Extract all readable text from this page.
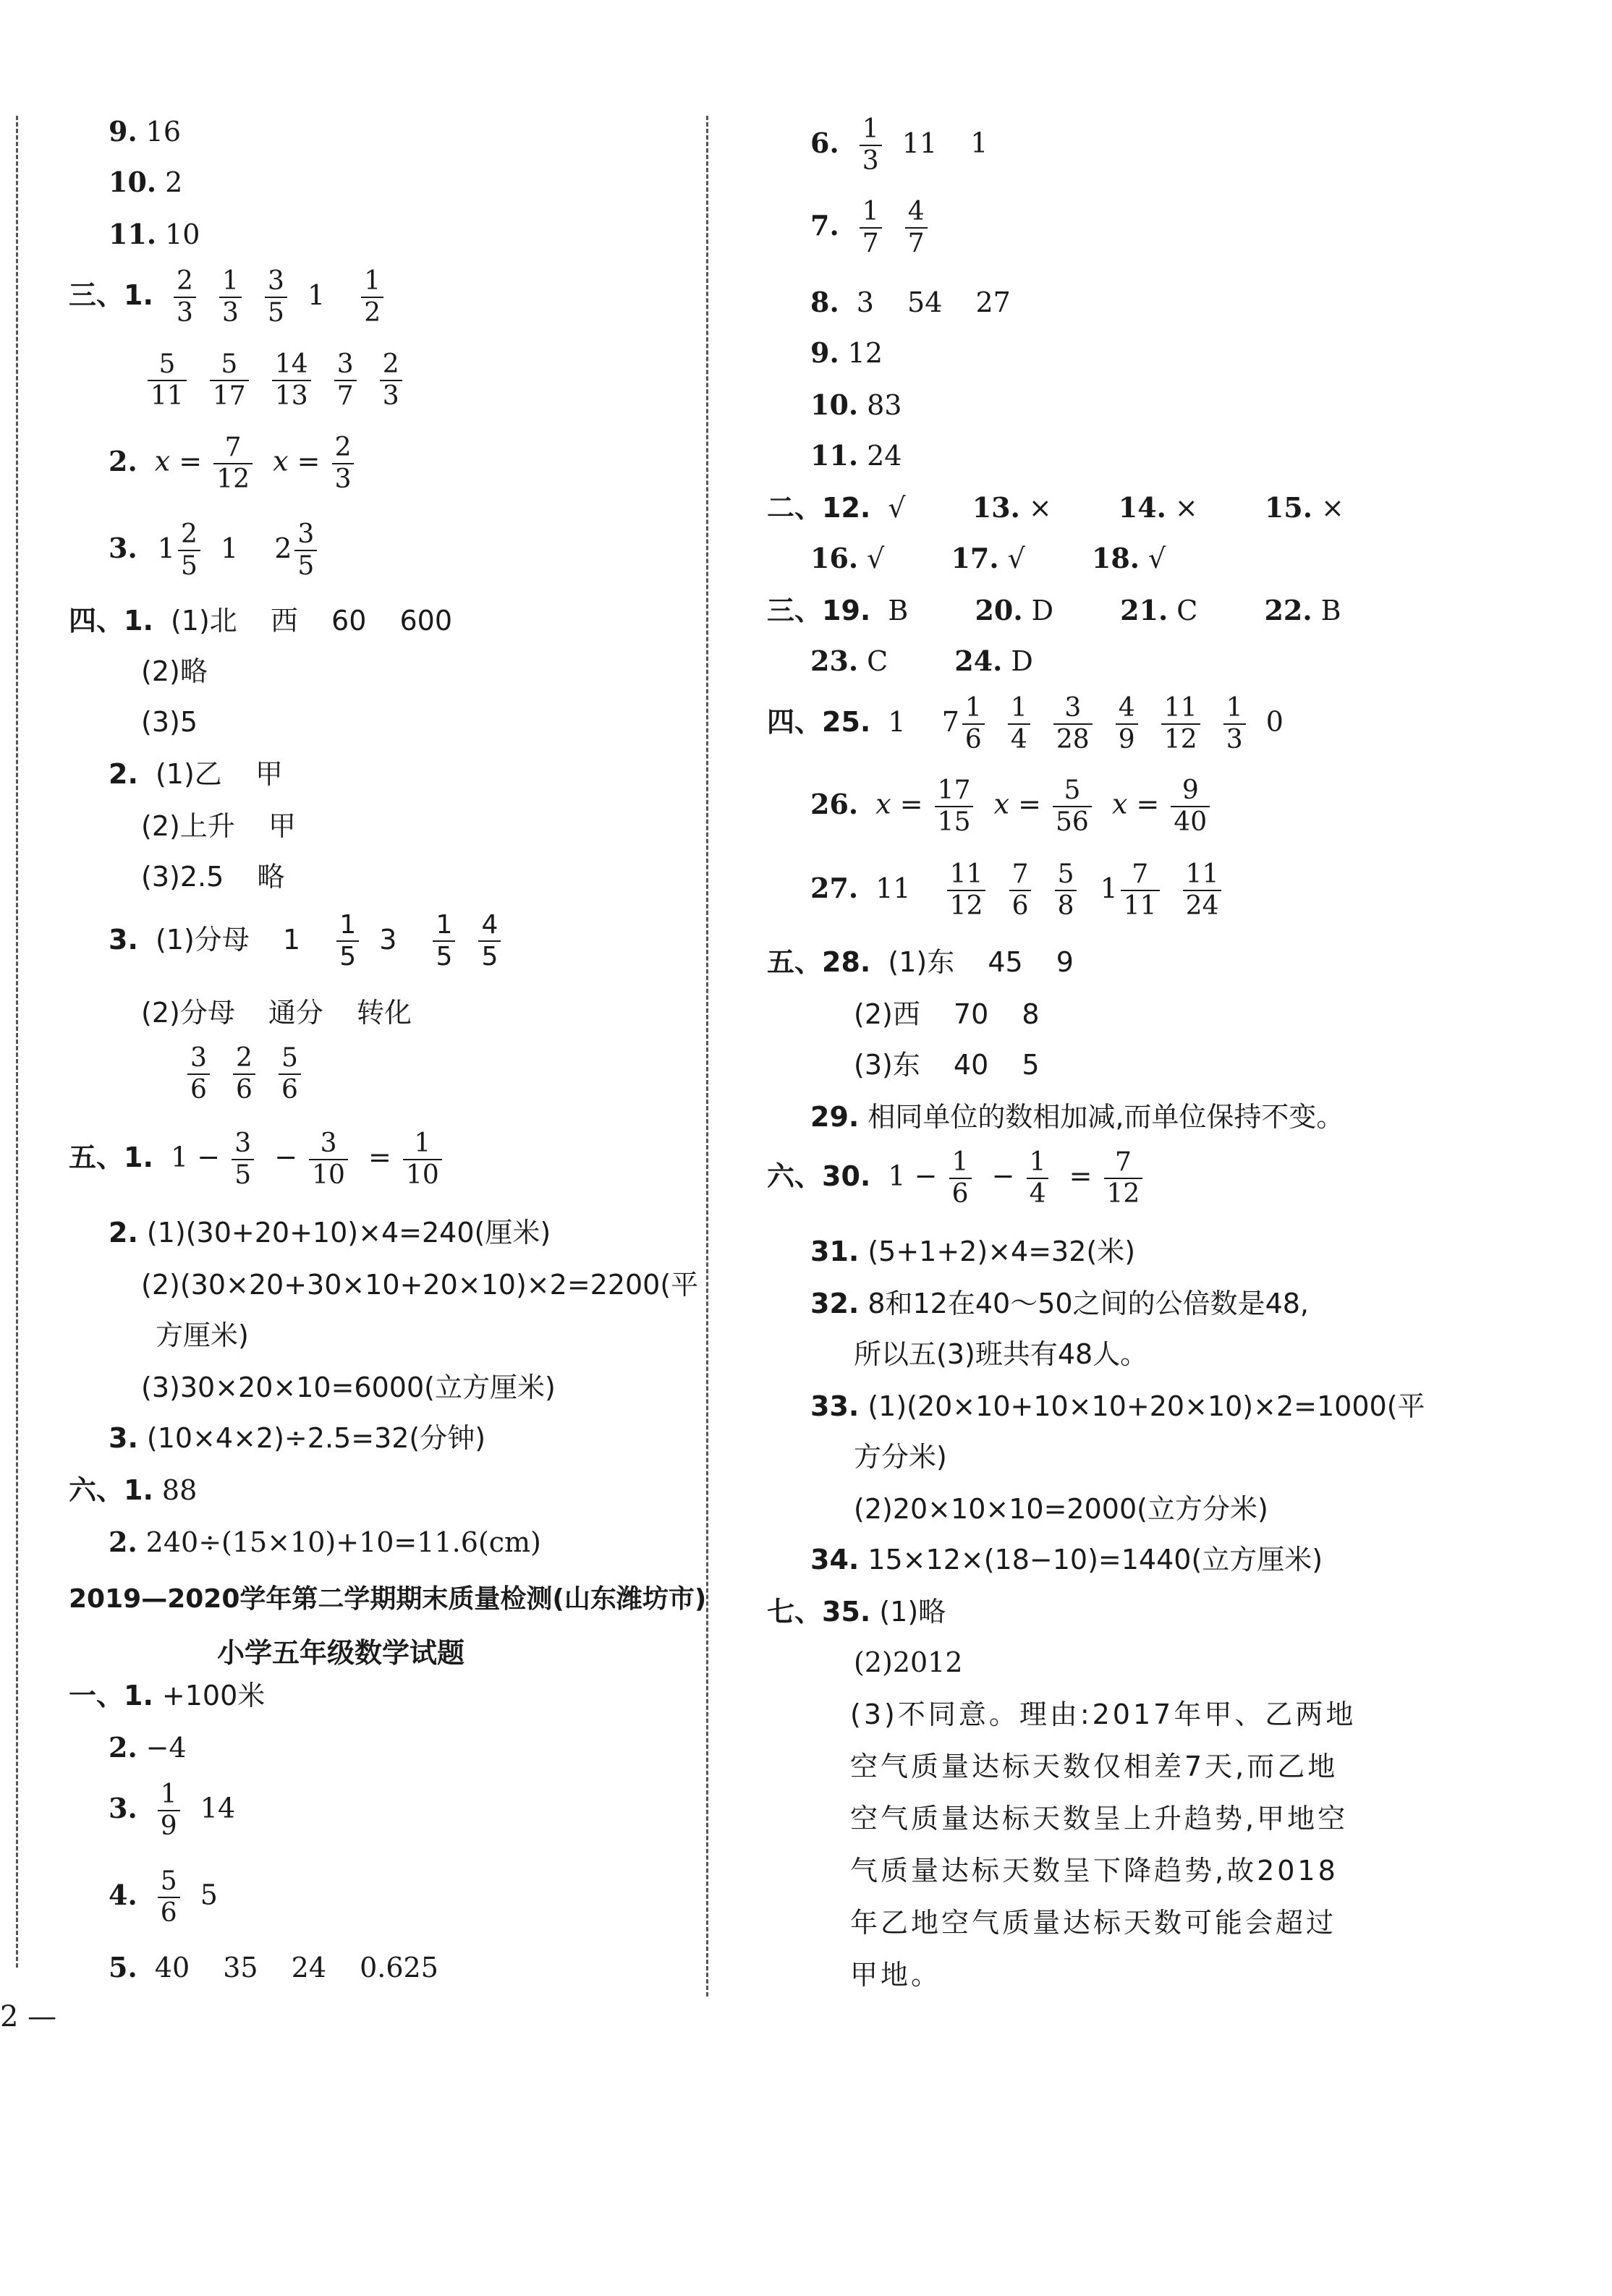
9. 16
10. 2
11. 10
三、1. $\frac{2}{3}$
$\frac{1}{3}$
$\frac{3}{5} 1 \frac{1}{2}$
$\frac{5}{11}$
$\frac{5}{17}$
$\frac{14}{13}$
$\frac{3}{7}$
$\frac{2}{3}$
2. $x = \frac{7}{12}$ $x = \frac{2}{3}$
3. $1 \frac{2}{5} 1$ $2 \frac{3}{5}$
四、1. (1)北 西 60 600
(2)略
(3)5
2. (1)乙 甲
(2)上升 甲
(3)2.5 略
3. (1)分母 $1 \frac{1}{5} 3 \frac{1}{5}$
$\frac{4}{5}$
(2)分母 通分 转化
$\frac{3}{6}$
$\frac{2}{6}$
$\frac{5}{6}$
五、1. $1 - \frac{3}{5} - \frac{3}{10} = \frac{1}{10}$
2. (1)(30+20+10)×4=240(厘米)
(2)(30×20+30×10+20×10)×2=2200(平
方厘米)
(3)30×20×10=6000(立方厘米)
3. (10×4×2)÷2.5=32(分钟)
六、1. 88
2. 240÷(15×10)+10=11.6(cm)
2019—2020学年第二学期期末质量检测(山东潍坊市)
小学五年级数学试题
一、1. +100米
2. −4
3. $\frac{1}{9} 14$
4. $\frac{5}{6} 5$
5. 40 35 24 0.625
2 —
6. $\frac{1}{3} 11$ 1
7. $\frac{1}{7}$
$\frac{4}{7}$
8. 3 54 27
9. 12
10. 83
11. 24
二、12. √ 13. × 14. × 15. ×
16. √ 17. √ 18. √
三、19. B 20. D 21. C 22. B
23. C 24. D
四、25. 1 $7 \frac{1}{6}$
$\frac{1}{4}$
$\frac{3}{28}$
$\frac{4}{9}$
$\frac{11}{12}$
$\frac{1}{3} 0$
26. $x = \frac{17}{15}$ $x = \frac{5}{56}$ $x = \frac{9}{40}$
27. $11 \frac{11}{12}$
$\frac{7}{6}$
$\frac{5}{8} 1 \frac{7}{11}$
$\frac{11}{24}$
五、28. (1)东 45 9
(2)西 70 8
(3)东 40 5
29. 相同单位的数相加减,而单位保持不变。
六、30. $1 - \frac{1}{6} - \frac{1}{4} = \frac{7}{12}$
31. (5+1+2)×4=32(米)
32. 8和12在40～50之间的公倍数是48,
所以五(3)班共有48人。
33. (1)(20×10+10×10+20×10)×2=1000(平
方分米)
(2)20×10×10=2000(立方分米)
34. 15×12×(18−10)=1440(立方厘米)
七、35. (1)略
(2)2012
(3)不同意。理由:2017年甲、乙两地空气质量达标天数仅相差7天,而乙地空气质量达标天数呈上升趋势,甲地空气质量达标天数呈下降趋势,故2018年乙地空气质量达标天数可能会超过甲地。
